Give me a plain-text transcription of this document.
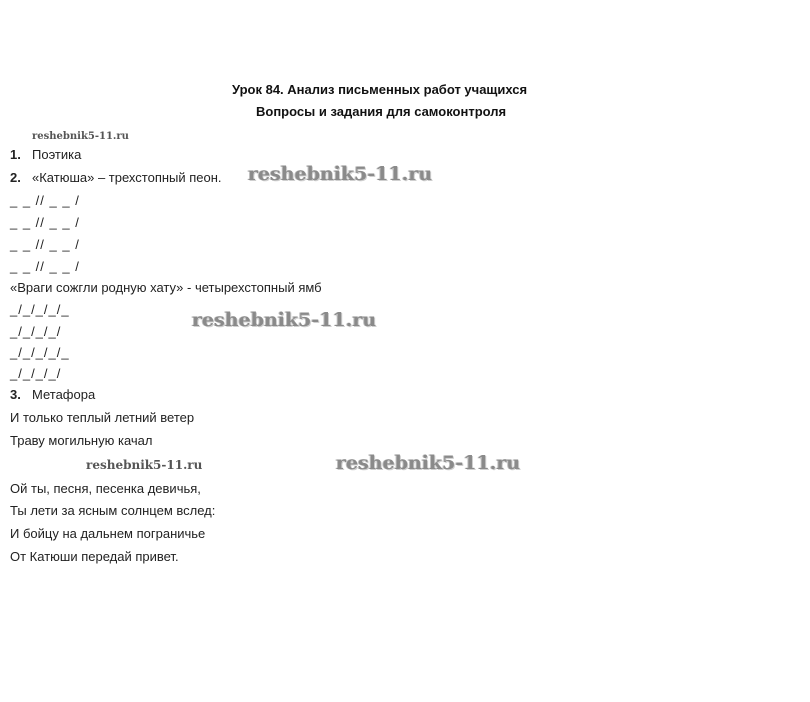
Урок 84. Анализ письменных работ учащихся
Вопросы и задания для самоконтроля
reshebnik5-11.ru
1. Поэтика
2. «Катюша» – трехстопный пеон. reshebnik5-11.ru
_ _ // _ _ /
_ _ // _ _ /
_ _ // _ _ /
_ _ // _ _ /
«Враги сожгли родную хату» - четырехстопный ямб
_/_/_/_/_
_/_/_/_/
_/_/_/_/_
_/_/_/_/
reshebnik5-11.ru
3. Метафора
И только теплый летний ветер
Траву могильную качал
reshebnik5-11.ru	reshebnik5-11.ru
Ой ты, песня, песенка девичья,
Ты лети за ясным солнцем вслед:
И бойцу на дальнем пограничье
От Катюши передай привет.
